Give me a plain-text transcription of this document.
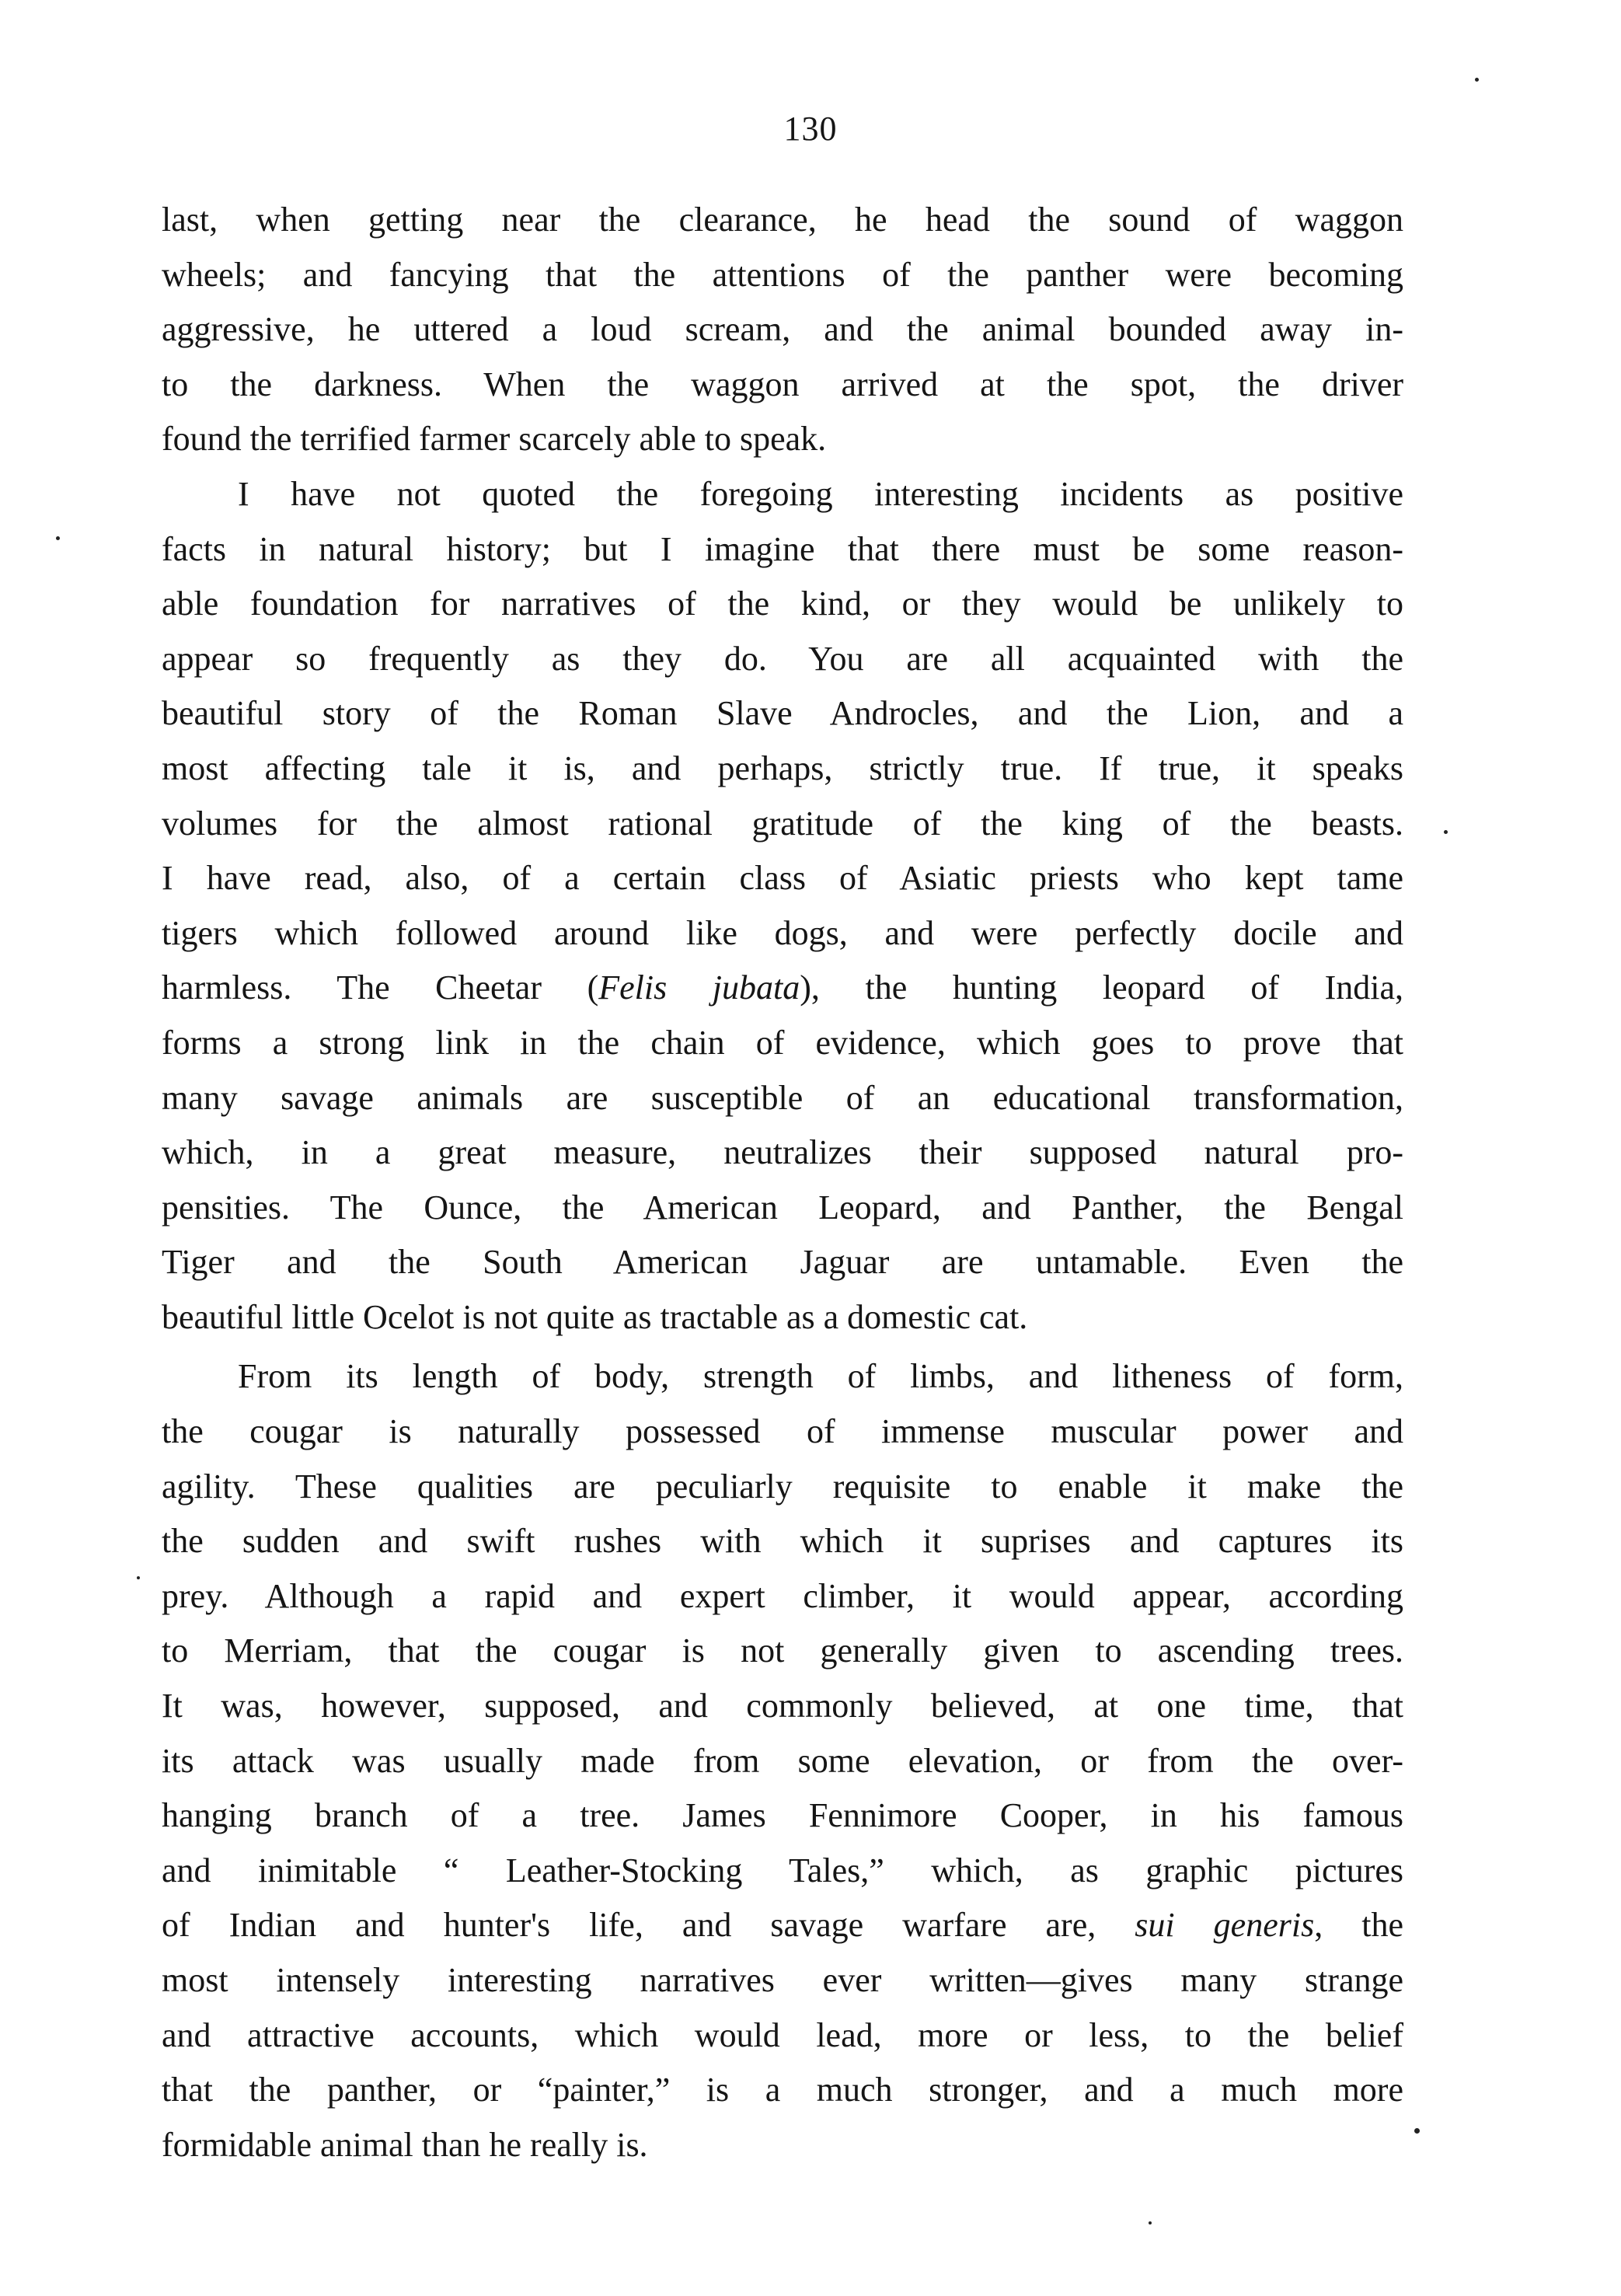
130
last, when getting near the clearance, he head the sound of waggon
wheels; and fancying that the attentions of the panther were becoming
aggressive, he uttered a loud scream, and the animal bounded away in-
to the darkness. When the waggon arrived at the spot, the driver
found the terrified farmer scarcely able to speak.
I have not quoted the foregoing interesting incidents as positive
facts in natural history; but I imagine that there must be some reason-
able foundation for narratives of the kind, or they would be unlikely to
appear so frequently as they do. You are all acquainted with the
beautiful story of the Roman Slave Androcles, and the Lion, and a
most affecting tale it is, and perhaps, strictly true. If true, it speaks
volumes for the almost rational gratitude of the king of the beasts.
I have read, also, of a certain class of Asiatic priests who kept tame
tigers which followed around like dogs, and were perfectly docile and
harmless. The Cheetar (Felis jubata), the hunting leopard of India,
forms a strong link in the chain of evidence, which goes to prove that
many savage animals are susceptible of an educational transformation,
which, in a great measure, neutralizes their supposed natural pro-
pensities. The Ounce, the American Leopard, and Panther, the Bengal
Tiger and the South American Jaguar are untamable. Even the
beautiful little Ocelot is not quite as tractable as a domestic cat.
From its length of body, strength of limbs, and litheness of form,
the cougar is naturally possessed of immense muscular power and
agility. These qualities are peculiarly requisite to enable it make the
the sudden and swift rushes with which it suprises and captures its
prey. Although a rapid and expert climber, it would appear, according
to Merriam, that the cougar is not generally given to ascending trees.
It was, however, supposed, and commonly believed, at one time, that
its attack was usually made from some elevation, or from the over-
hanging branch of a tree. James Fennimore Cooper, in his famous
and inimitable “ Leather-Stocking Tales,” which, as graphic pictures
of Indian and hunter's life, and savage warfare are, sui generis, the
most intensely interesting narratives ever written—gives many strange
and attractive accounts, which would lead, more or less, to the belief
that the panther, or “painter,” is a much stronger, and a much more
formidable animal than he really is.
